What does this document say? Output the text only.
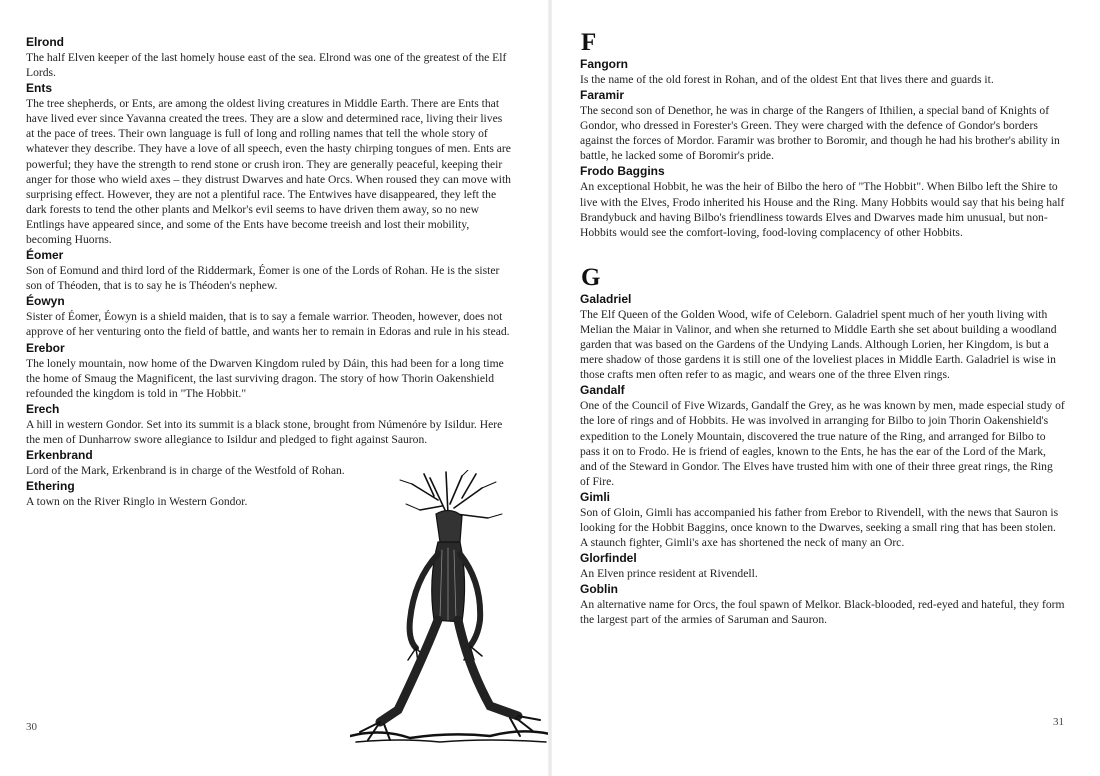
Elrond

The half Elven keeper of the last homely house east of the sea. Elrond was one of the greatest of the Elf Lords.

Ents

The tree shepherds, or Ents, are among the oldest living creatures in Middle Earth. There are Ents that have lived ever since Yavanna created the trees. They are a slow and determined race, living their lives at the pace of trees. Their own language is full of long and rolling names that tell the whole story of whatever they describe. They have a love of all speech, even the hasty chirping tongues of men. Ents are powerful; they have the strength to rend stone or crush iron. They are generally peaceful, keeping their anger for those who wield axes – they distrust Dwarves and hate Orcs. When roused they can move with surprising effect. However, they are not a plentiful race. The Entwives have disappeared, they left the dark forests to tend the other plants and Melkor's evil seems to have driven them away, so no new Entlings have appeared since, and some of the Ents have become treeish and lost their mobility, becoming Huorns.

Éomer

Son of Eomund and third lord of the Riddermark, Éomer is one of the Lords of Rohan. He is the sister son of Théoden, that is to say he is Théoden's nephew.

Éowyn

Sister of Éomer, Éowyn is a shield maiden, that is to say a female warrior. Theoden, however, does not approve of her venturing onto the field of battle, and wants her to remain in Edoras and rule in his stead.

Erebor

The lonely mountain, now home of the Dwarven Kingdom ruled by Dáin, this had been for a long time the home of Smaug the Magnificent, the last surviving dragon. The story of how Thorin Oakenshield refounded the kingdom is told in "The Hobbit."

Erech

A hill in western Gondor. Set into its summit is a black stone, brought from Númenóre by Isildur. Here the men of Dunharrow swore allegiance to Isildur and pledged to fight against Sauron.

Erkenbrand

Lord of the Mark, Erkenbrand is in charge of the Westfold of Rohan.

Ethering

A town on the River Ringlo in Western Gondor.

30
F
Fangorn

Is the name of the old forest in Rohan, and of the oldest Ent that lives there and guards it.

Faramir

The second son of Denethor, he was in charge of the Rangers of Ithilien, a special band of Knights of Gondor, who dressed in Forester's Green. They were charged with the defence of Gondor's borders against the forces of Mordor. Faramir was brother to Boromir, and though he had his brother's ability in battle, he lacked some of Boromir's pride.

Frodo Baggins

An exceptional Hobbit, he was the heir of Bilbo the hero of "The Hobbit". When Bilbo left the Shire to live with the Elves, Frodo inherited his House and the Ring. Many Hobbits would say that his being half Brandybuck and having Bilbo's friendliness towards Elves and Dwarves made him unusual, but non-Hobbits would see the comfort-loving, food-loving complacency of other Hobbits.

G
Galadriel

The Elf Queen of the Golden Wood, wife of Celeborn. Galadriel spent much of her youth living with Melian the Maiar in Valinor, and when she returned to Middle Earth she set about building a woodland garden that was based on the Gardens of the Undying Lands. Although Lorien, her Kingdom, is but a mere shadow of those gardens it is still one of the loveliest places in Middle Earth. Galadriel is wise in those crafts men often refer to as magic, and wears one of the three Elven rings.

Gandalf

One of the Council of Five Wizards, Gandalf the Grey, as he was known by men, made especial study of the lore of rings and of Hobbits. He was involved in arranging for Bilbo to join Thorin Oakenshield's expedition to the Lonely Mountain, discovered the true nature of the Ring, and arranged for Bilbo to pass it on to Frodo. He is friend of eagles, known to the Ents, he has the ear of the Lord of the Mark, and of the Steward in Gondor. The Elves have trusted him with one of their three great rings, the Ring of Fire.

Gimli

Son of Gloin, Gimli has accompanied his father from Erebor to Rivendell, with the news that Sauron is looking for the Hobbit Baggins, once known to the Dwarves, seeking a small ring that has been stolen. A staunch fighter, Gimli's axe has shortened the neck of many an Orc.

Glorfindel

An Elven prince resident at Rivendell.

Goblin

An alternative name for Orcs, the foul spawn of Melkor. Black-blooded, red-eyed and hateful, they form the largest part of the armies of Saruman and Sauron.

31
